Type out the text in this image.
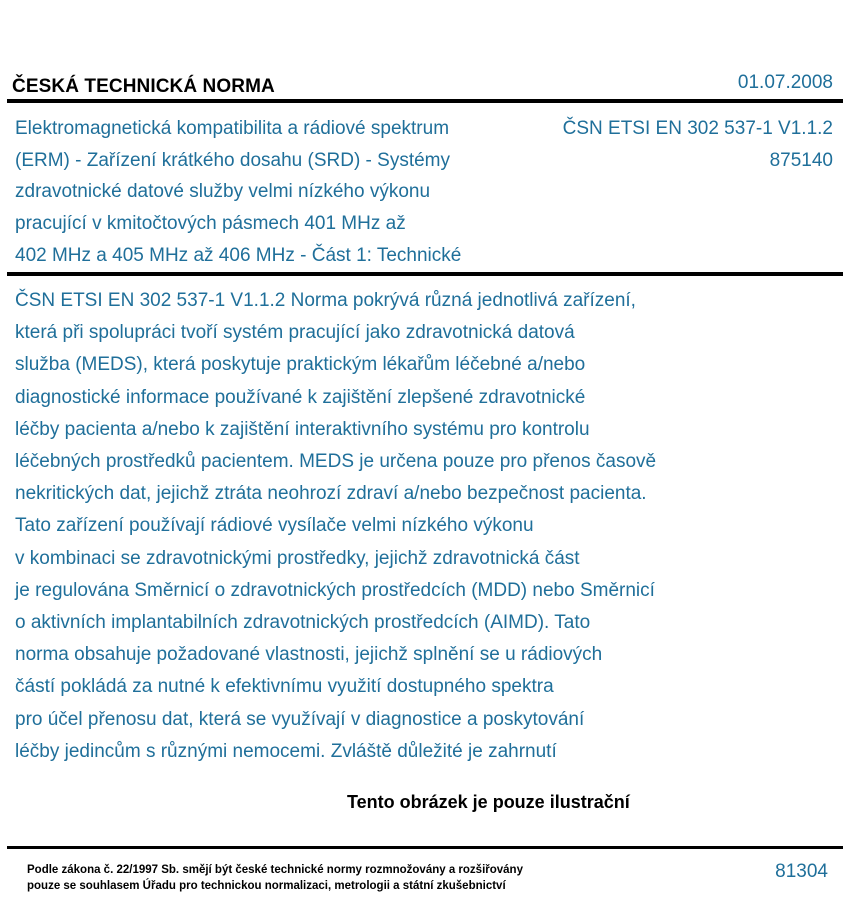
ČESKÁ TECHNICKÁ NORMA	01.07.2008
Elektromagnetická kompatibilita a rádiové spektrum
(ERM) - Zařízení krátkého dosahu (SRD) - Systémy
zdravotnické datové služby velmi nízkého výkonu
pracující v kmitočtových pásmech 401 MHz až
402 MHz a 405 MHz až 406 MHz - Část 1: Technické
ČSN ETSI EN 302 537-1 V1.1.2
875140
ČSN ETSI EN 302 537-1 V1.1.2 Norma pokrývá různá jednotlivá zařízení,
která při spolupráci tvoří systém pracující jako zdravotnická datová
služba (MEDS), která poskytuje praktickým lékařům léčebné a/nebo
diagnostické informace používané k zajištění zlepšené zdravotnické
léčby pacienta a/nebo k zajištění interaktivního systému pro kontrolu
léčebných prostředků pacientem. MEDS je určena pouze pro přenos časově
nekritických dat, jejichž ztráta neohrozí zdraví a/nebo bezpečnost pacienta.
Tato zařízení používají rádiové vysílače velmi nízkého výkonu
v kombinaci se zdravotnickými prostředky, jejichž zdravotnická část
je regulována Směrnicí o zdravotnických prostředcích (MDD) nebo Směrnicí
o aktivních implantabilních zdravotnických prostředcích (AIMD). Tato
norma obsahuje požadované vlastnosti, jejichž splnění se u rádiových
částí pokládá za nutné k efektivnímu využití dostupného spektra
pro účel přenosu dat, která se využívají v diagnostice a poskytování
léčby jedincům s různými nemocemi. Zvláště důležité je zahrnutí
Tento obrázek je pouze ilustrační
Podle zákona č. 22/1997 Sb. smějí být české technické normy rozmnožovány a rozšiřovány
pouze se souhlasem Úřadu pro technickou normalizaci, metrologii a státní zkušebnictví
81304
